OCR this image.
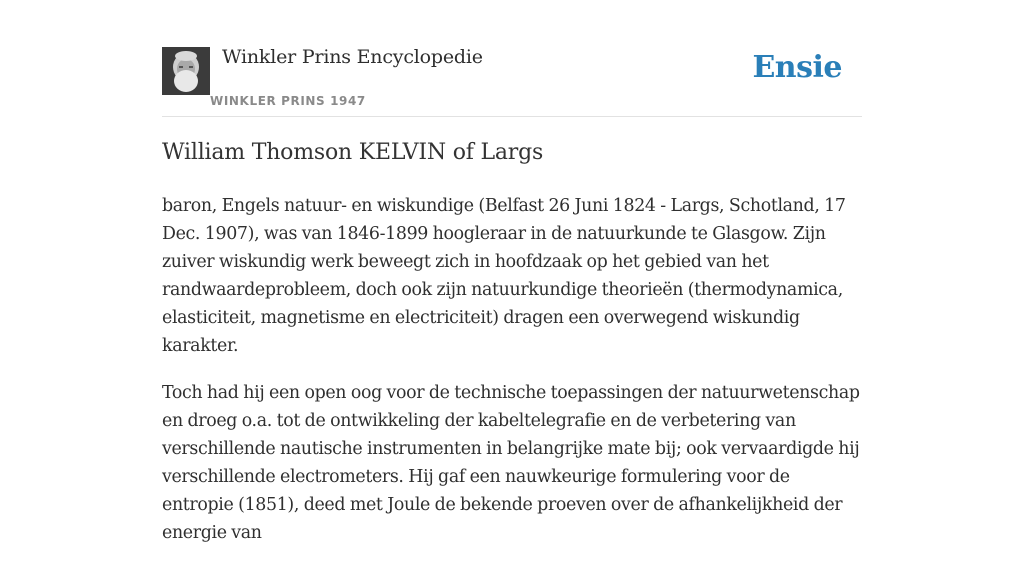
Winkler Prins Encyclopedie
WINKLER PRINS 1947
Ensie
William Thomson KELVIN of Largs

baron, Engels natuur- en wiskundige (Belfast 26 Juni 1824 - Largs, Schotland, 17 Dec. 1907), was van 1846-1899 hoogleraar in de natuurkunde te Glasgow. Zijn zuiver wiskundig werk beweegt zich in hoofdzaak op het gebied van het randwaardeprobleem, doch ook zijn natuurkundige theorieën (thermodynamica, elasticiteit, magnetisme en electriciteit) dragen een overwegend wiskundig karakter.

Toch had hij een open oog voor de technische toepassingen der natuurwetenschap en droeg o.a. tot de ontwikkeling der kabeltelegrafie en de verbetering van verschillende nautische instrumenten in belangrijke mate bij; ook vervaardigde hij verschillende electrometers. Hij gaf een nauwkeurige formulering voor de entropie (1851), deed met Joule de bekende proeven over de afhankelijkheid der energie van
